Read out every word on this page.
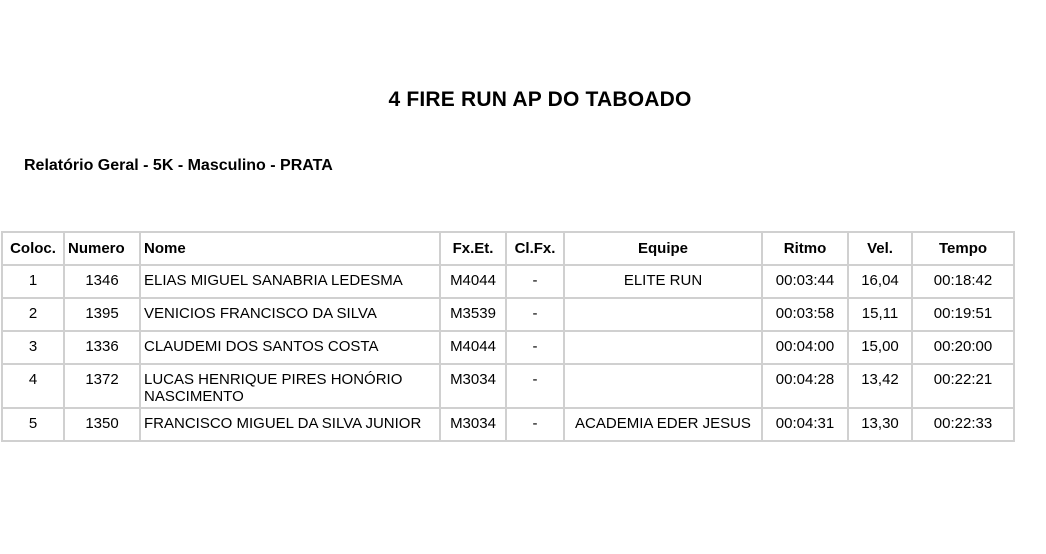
4 FIRE RUN AP DO TABOADO
Relatório Geral - 5K - Masculino - PRATA
Coloc.	Numero	Nome	Fx.Et.	Cl.Fx.	Equipe	Ritmo	Vel.	Tempo
1	1346	ELIAS MIGUEL SANABRIA LEDESMA	M4044	-	ELITE RUN	00:03:44	16,04	00:18:42
2	1395	VENICIOS FRANCISCO DA SILVA	M3539	-		00:03:58	15,11	00:19:51
3	1336	CLAUDEMI DOS SANTOS COSTA	M4044	-		00:04:00	15,00	00:20:00
4	1372	LUCAS HENRIQUE PIRES HONÓRIO NASCIMENTO	M3034	-		00:04:28	13,42	00:22:21
5	1350	FRANCISCO MIGUEL DA SILVA JUNIOR	M3034	-	ACADEMIA EDER JESUS	00:04:31	13,30	00:22:33
